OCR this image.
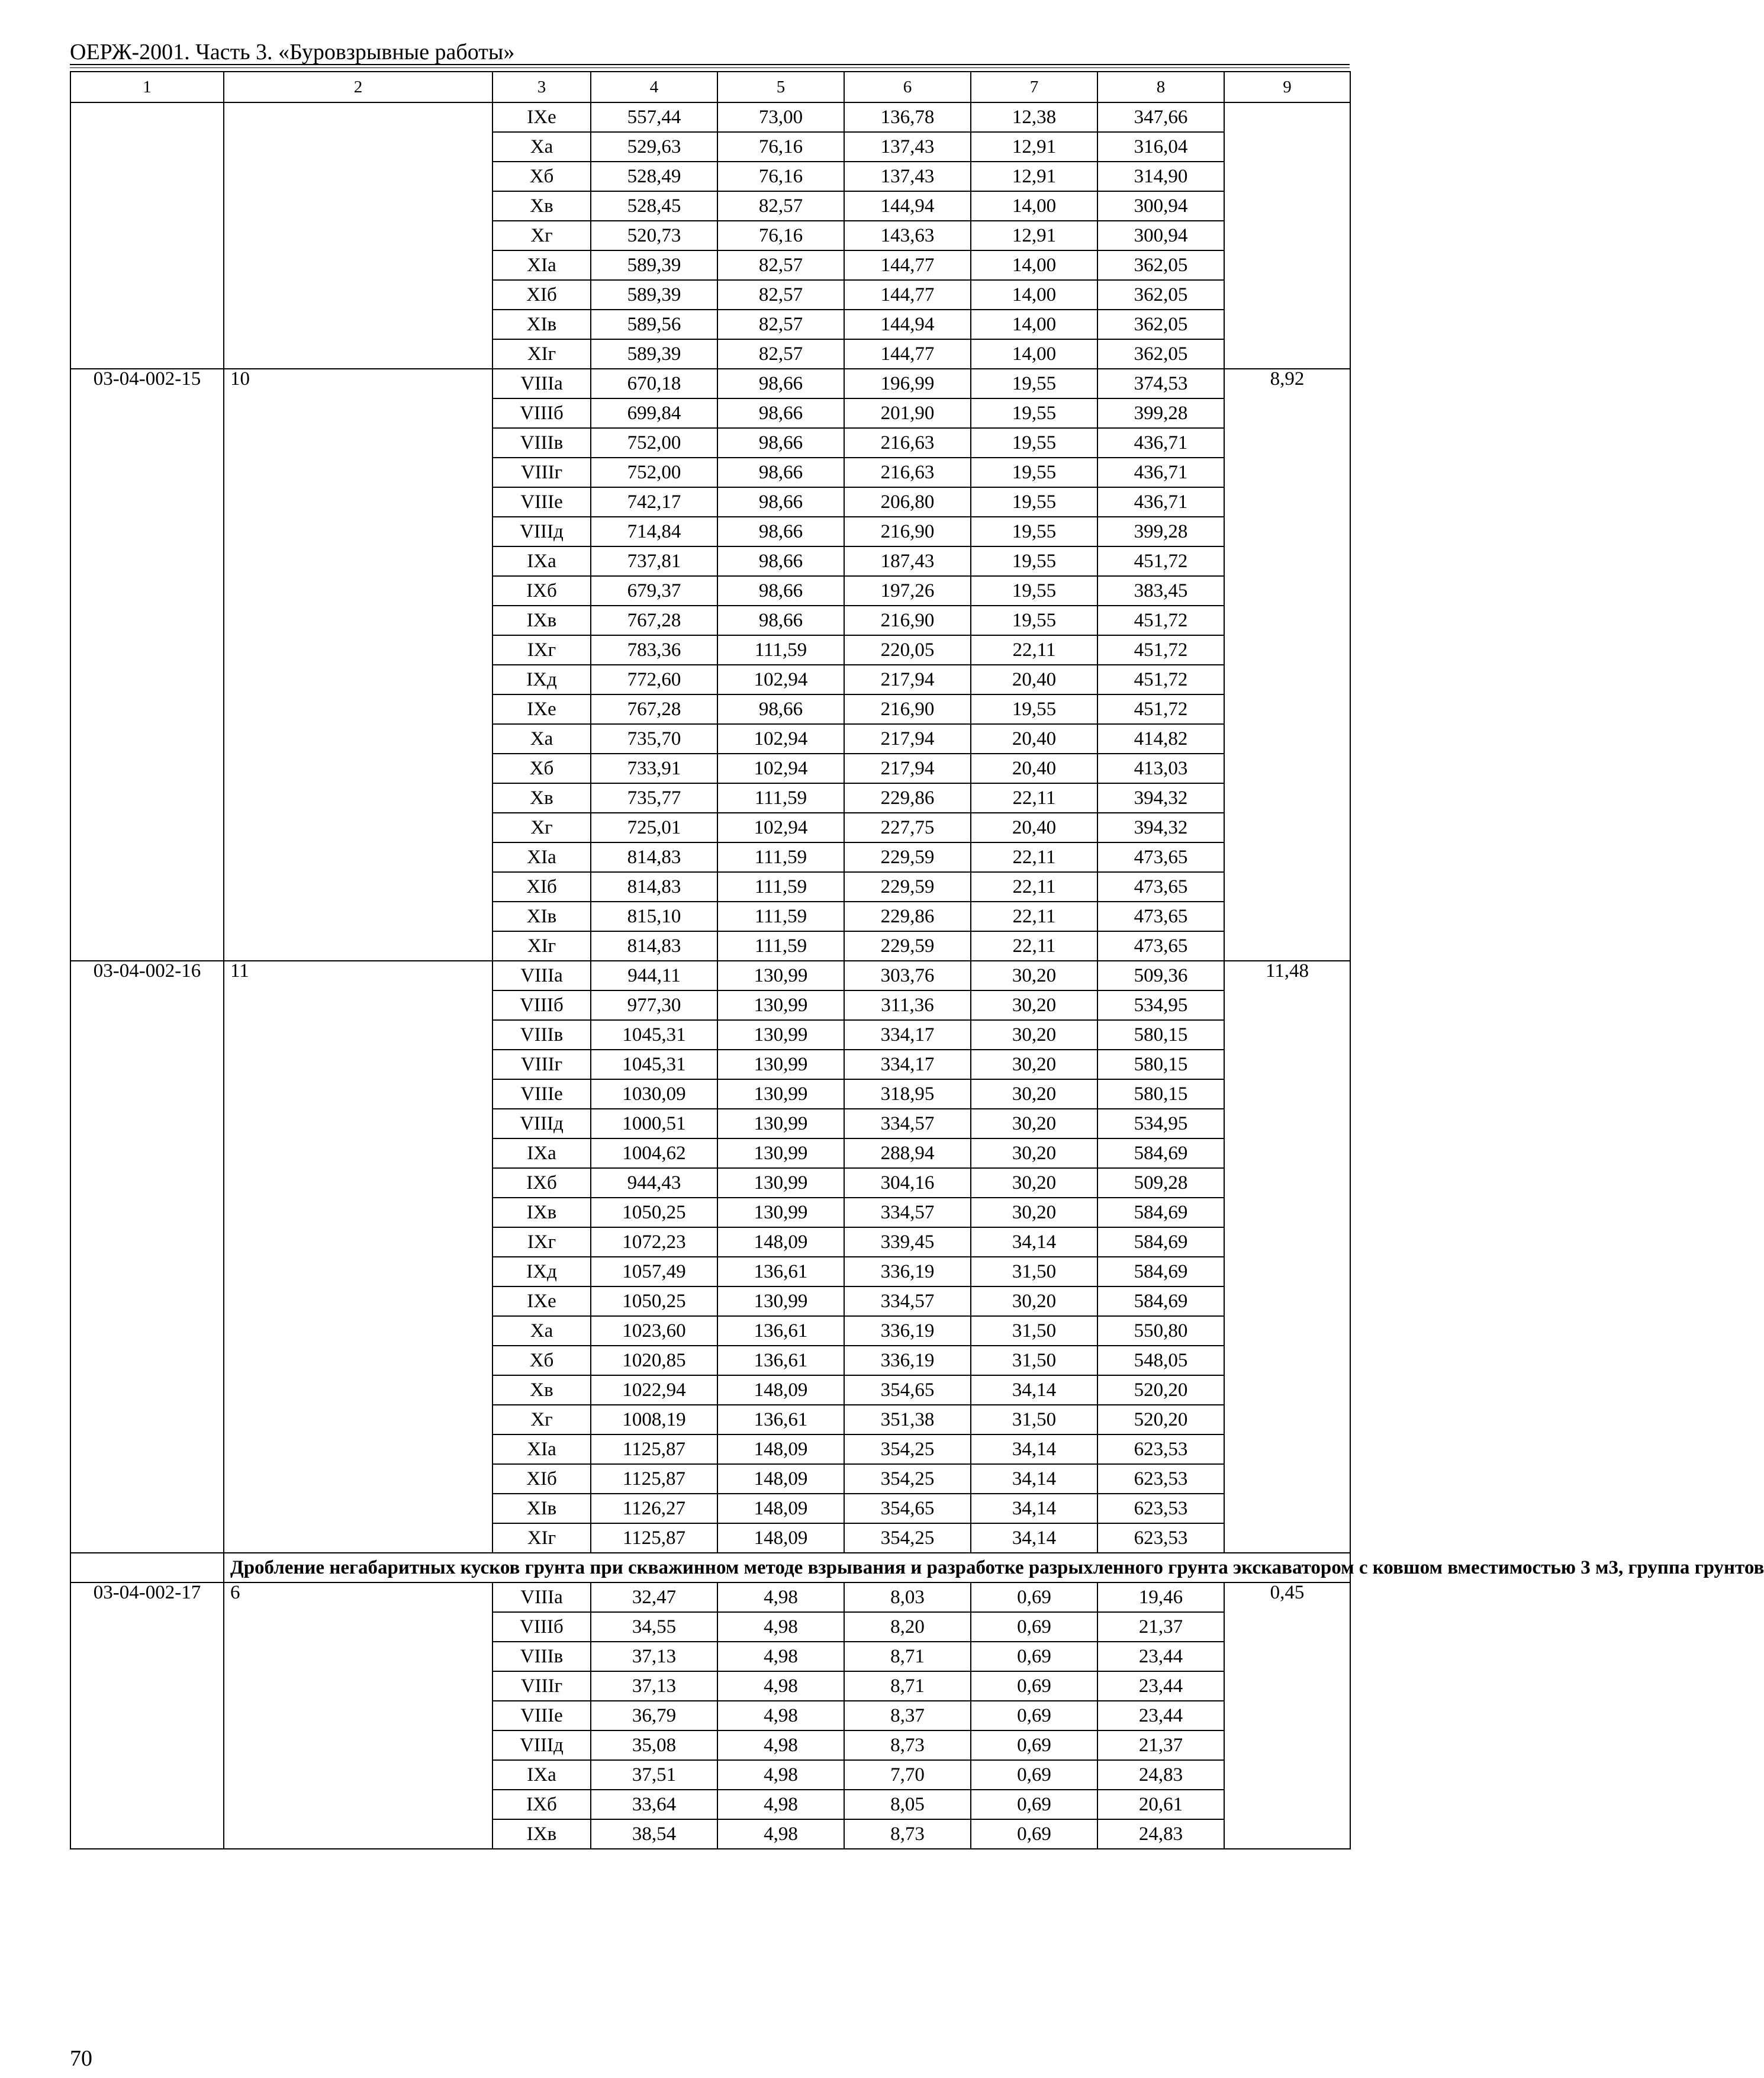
ОЕРЖ-2001. Часть 3. «Буровзрывные работы»
1	2	3	4	5	6	7	8	9
		IXе	557,44	73,00	136,78	12,38	347,66	
		Xа	529,63	76,16	137,43	12,91	316,04	
		Xб	528,49	76,16	137,43	12,91	314,90	
		Xв	528,45	82,57	144,94	14,00	300,94	
		Xг	520,73	76,16	143,63	12,91	300,94	
		XIа	589,39	82,57	144,77	14,00	362,05	
		XIб	589,39	82,57	144,77	14,00	362,05	
		XIв	589,56	82,57	144,94	14,00	362,05	
		XIг	589,39	82,57	144,77	14,00	362,05	
03-04-002-15	10	VIIIа	670,18	98,66	196,99	19,55	374,53	8,92
		VIIIб	699,84	98,66	201,90	19,55	399,28	
		VIIIв	752,00	98,66	216,63	19,55	436,71	
		VIIIг	752,00	98,66	216,63	19,55	436,71	
		VIIIе	742,17	98,66	206,80	19,55	436,71	
		VIIIд	714,84	98,66	216,90	19,55	399,28	
		IXа	737,81	98,66	187,43	19,55	451,72	
		IXб	679,37	98,66	197,26	19,55	383,45	
		IXв	767,28	98,66	216,90	19,55	451,72	
		IXг	783,36	111,59	220,05	22,11	451,72	
		IXд	772,60	102,94	217,94	20,40	451,72	
		IXе	767,28	98,66	216,90	19,55	451,72	
		Xа	735,70	102,94	217,94	20,40	414,82	
		Xб	733,91	102,94	217,94	20,40	413,03	
		Xв	735,77	111,59	229,86	22,11	394,32	
		Xг	725,01	102,94	227,75	20,40	394,32	
		XIа	814,83	111,59	229,59	22,11	473,65	
		XIб	814,83	111,59	229,59	22,11	473,65	
		XIв	815,10	111,59	229,86	22,11	473,65	
		XIг	814,83	111,59	229,59	22,11	473,65	
03-04-002-16	11	VIIIа	944,11	130,99	303,76	30,20	509,36	11,48
		VIIIб	977,30	130,99	311,36	30,20	534,95	
		VIIIв	1045,31	130,99	334,17	30,20	580,15	
		VIIIг	1045,31	130,99	334,17	30,20	580,15	
		VIIIе	1030,09	130,99	318,95	30,20	580,15	
		VIIIд	1000,51	130,99	334,57	30,20	534,95	
		IXа	1004,62	130,99	288,94	30,20	584,69	
		IXб	944,43	130,99	304,16	30,20	509,28	
		IXв	1050,25	130,99	334,57	30,20	584,69	
		IXг	1072,23	148,09	339,45	34,14	584,69	
		IXд	1057,49	136,61	336,19	31,50	584,69	
		IXе	1050,25	130,99	334,57	30,20	584,69	
		Xа	1023,60	136,61	336,19	31,50	550,80	
		Xб	1020,85	136,61	336,19	31,50	548,05	
		Xв	1022,94	148,09	354,65	34,14	520,20	
		Xг	1008,19	136,61	351,38	31,50	520,20	
		XIа	1125,87	148,09	354,25	34,14	623,53	
		XIб	1125,87	148,09	354,25	34,14	623,53	
		XIв	1126,27	148,09	354,65	34,14	623,53	
		XIг	1125,87	148,09	354,25	34,14	623,53	
	Дробление негабаритных кусков грунта при скважинном методе взрывания и разработке разрыхленного грунта экскаватором с ковшом вместимостью 3 м3, группа грунтов							
03-04-002-17	6	VIIIа	32,47	4,98	8,03	0,69	19,46	0,45
		VIIIб	34,55	4,98	8,20	0,69	21,37	
		VIIIв	37,13	4,98	8,71	0,69	23,44	
		VIIIг	37,13	4,98	8,71	0,69	23,44	
		VIIIе	36,79	4,98	8,37	0,69	23,44	
		VIIIд	35,08	4,98	8,73	0,69	21,37	
		IXа	37,51	4,98	7,70	0,69	24,83	
		IXб	33,64	4,98	8,05	0,69	20,61	
		IXв	38,54	4,98	8,73	0,69	24,83	
70
